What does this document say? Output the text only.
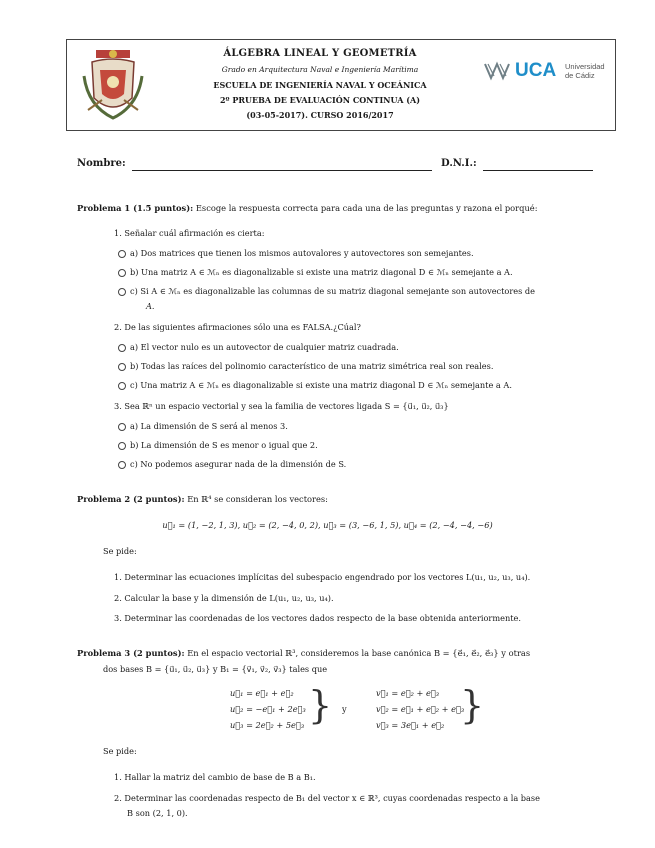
ÁLGEBRA LINEAL Y GEOMETRÍA
Grado en Arquitectura Naval e Ingeniería Marítima
ESCUELA DE INGENIERÍA NAVAL Y OCEÁNICA
2º PRUEBA DE EVALUACIÓN CONTINUA (A)
(03-05-2017). CURSO 2016/2017
UCA Universidad
de Cádiz
Nombre:	D.N.I.:
Problema 1 (1.5 puntos): Escoge la respuesta correcta para cada una de las preguntas y razona el porqué:
1. Señalar cuál afirmación es cierta:
a) Dos matrices que tienen los mismos autovalores y autovectores son semejantes.
b) Una matriz A ∈ ℳₙ es diagonalizable si existe una matriz diagonal D ∈ ℳₙ semejante a A.
c) Si A ∈ ℳₙ es diagonalizable las columnas de su matriz diagonal semejante son autovectores de
A.
2. De las siguientes afirmaciones sólo una es FALSA.¿Cúal?
a) El vector nulo es un autovector de cualquier matriz cuadrada.
b) Todas las raíces del polinomio característico de una matriz simétrica real son reales.
c) Una matriz A ∈ ℳₙ es diagonalizable si existe una matriz diagonal D ∈ ℳₙ semejante a A.
3. Sea ℝⁿ un espacio vectorial y sea la familia de vectores ligada S = {u⃗₁, u⃗₂, u⃗₃}
a) La dimensión de S será al menos 3.
b) La dimensión de S es menor o igual que 2.
c) No podemos asegurar nada de la dimensión de S.
Problema 2 (2 puntos): En ℝ⁴ se consideran los vectores:
u⃗₁ = (1, −2, 1, 3), u⃗₂ = (2, −4, 0, 2), u⃗₃ = (3, −6, 1, 5), u⃗₄ = (2, −4, −4, −6)
Se pide:
1. Determinar las ecuaciones implícitas del subespacio engendrado por los vectores L(u₁, u₂, u₃, u₄).
2. Calcular la base y la dimensión de L(u₁, u₂, u₃, u₄).
3. Determinar las coordenadas de los vectores dados respecto de la base obtenida anteriormente.
Problema 3 (2 puntos): En el espacio vectorial ℝ³, consideremos la base canónica B = {e⃗₁, e⃗₂, e⃗₃} y otras
dos bases B = {u⃗₁, u⃗₂, u⃗₃} y B₁ = {v⃗₁, v⃗₂, v⃗₃} tales que
u⃗₁ = e⃗₁ + e⃗₂
u⃗₂ = −e⃗₁ + 2e⃗₃
u⃗₃ = 2e⃗₂ + 5e⃗₃ } y
v⃗₁ = e⃗₂ + e⃗₃
v⃗₂ = e⃗₁ + e⃗₂ + e⃗₃
v⃗₃ = 3e⃗₁ + e⃗₂ }
Se pide:
1. Hallar la matriz del cambio de base de B a B₁.
2. Determinar las coordenadas respecto de B₁ del vector x ∈ ℝ³, cuyas coordenadas respecto a la base
B son (2, 1, 0).
